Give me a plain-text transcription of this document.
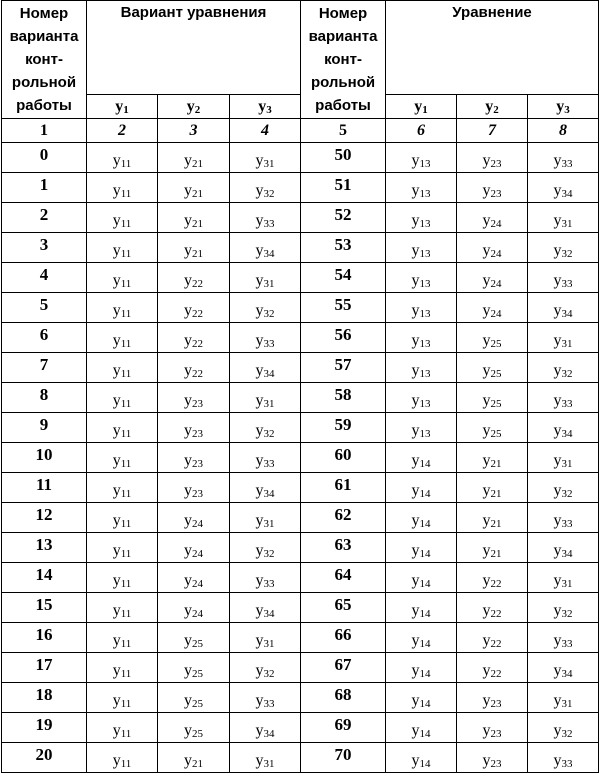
Номер
варианта
конт-
рольной
работы	Вариант уравнения			Номер
варианта
конт-
рольной
работы	Уравнение		
	$y_1$	$y_2$	$y_3$		$y_1$	$y_2$	$y_3$
1	2	3	4	5	6	7	8
0	$y_{11}$	$y_{21}$	$y_{31}$	50	$y_{13}$	$y_{23}$	$y_{33}$
1	$y_{11}$	$y_{21}$	$y_{32}$	51	$y_{13}$	$y_{23}$	$y_{34}$
2	$y_{11}$	$y_{21}$	$y_{33}$	52	$y_{13}$	$y_{24}$	$y_{31}$
3	$y_{11}$	$y_{21}$	$y_{34}$	53	$y_{13}$	$y_{24}$	$y_{32}$
4	$y_{11}$	$y_{22}$	$y_{31}$	54	$y_{13}$	$y_{24}$	$y_{33}$
5	$y_{11}$	$y_{22}$	$y_{32}$	55	$y_{13}$	$y_{24}$	$y_{34}$
6	$y_{11}$	$y_{22}$	$y_{33}$	56	$y_{13}$	$y_{25}$	$y_{31}$
7	$y_{11}$	$y_{22}$	$y_{34}$	57	$y_{13}$	$y_{25}$	$y_{32}$
8	$y_{11}$	$y_{23}$	$y_{31}$	58	$y_{13}$	$y_{25}$	$y_{33}$
9	$y_{11}$	$y_{23}$	$y_{32}$	59	$y_{13}$	$y_{25}$	$y_{34}$
10	$y_{11}$	$y_{23}$	$y_{33}$	60	$y_{14}$	$y_{21}$	$y_{31}$
11	$y_{11}$	$y_{23}$	$y_{34}$	61	$y_{14}$	$y_{21}$	$y_{32}$
12	$y_{11}$	$y_{24}$	$y_{31}$	62	$y_{14}$	$y_{21}$	$y_{33}$
13	$y_{11}$	$y_{24}$	$y_{32}$	63	$y_{14}$	$y_{21}$	$y_{34}$
14	$y_{11}$	$y_{24}$	$y_{33}$	64	$y_{14}$	$y_{22}$	$y_{31}$
15	$y_{11}$	$y_{24}$	$y_{34}$	65	$y_{14}$	$y_{22}$	$y_{32}$
16	$y_{11}$	$y_{25}$	$y_{31}$	66	$y_{14}$	$y_{22}$	$y_{33}$
17	$y_{11}$	$y_{25}$	$y_{32}$	67	$y_{14}$	$y_{22}$	$y_{34}$
18	$y_{11}$	$y_{25}$	$y_{33}$	68	$y_{14}$	$y_{23}$	$y_{31}$
19	$y_{11}$	$y_{25}$	$y_{34}$	69	$y_{14}$	$y_{23}$	$y_{32}$
20	$y_{11}$	$y_{21}$	$y_{31}$	70	$y_{14}$	$y_{23}$	$y_{33}$
